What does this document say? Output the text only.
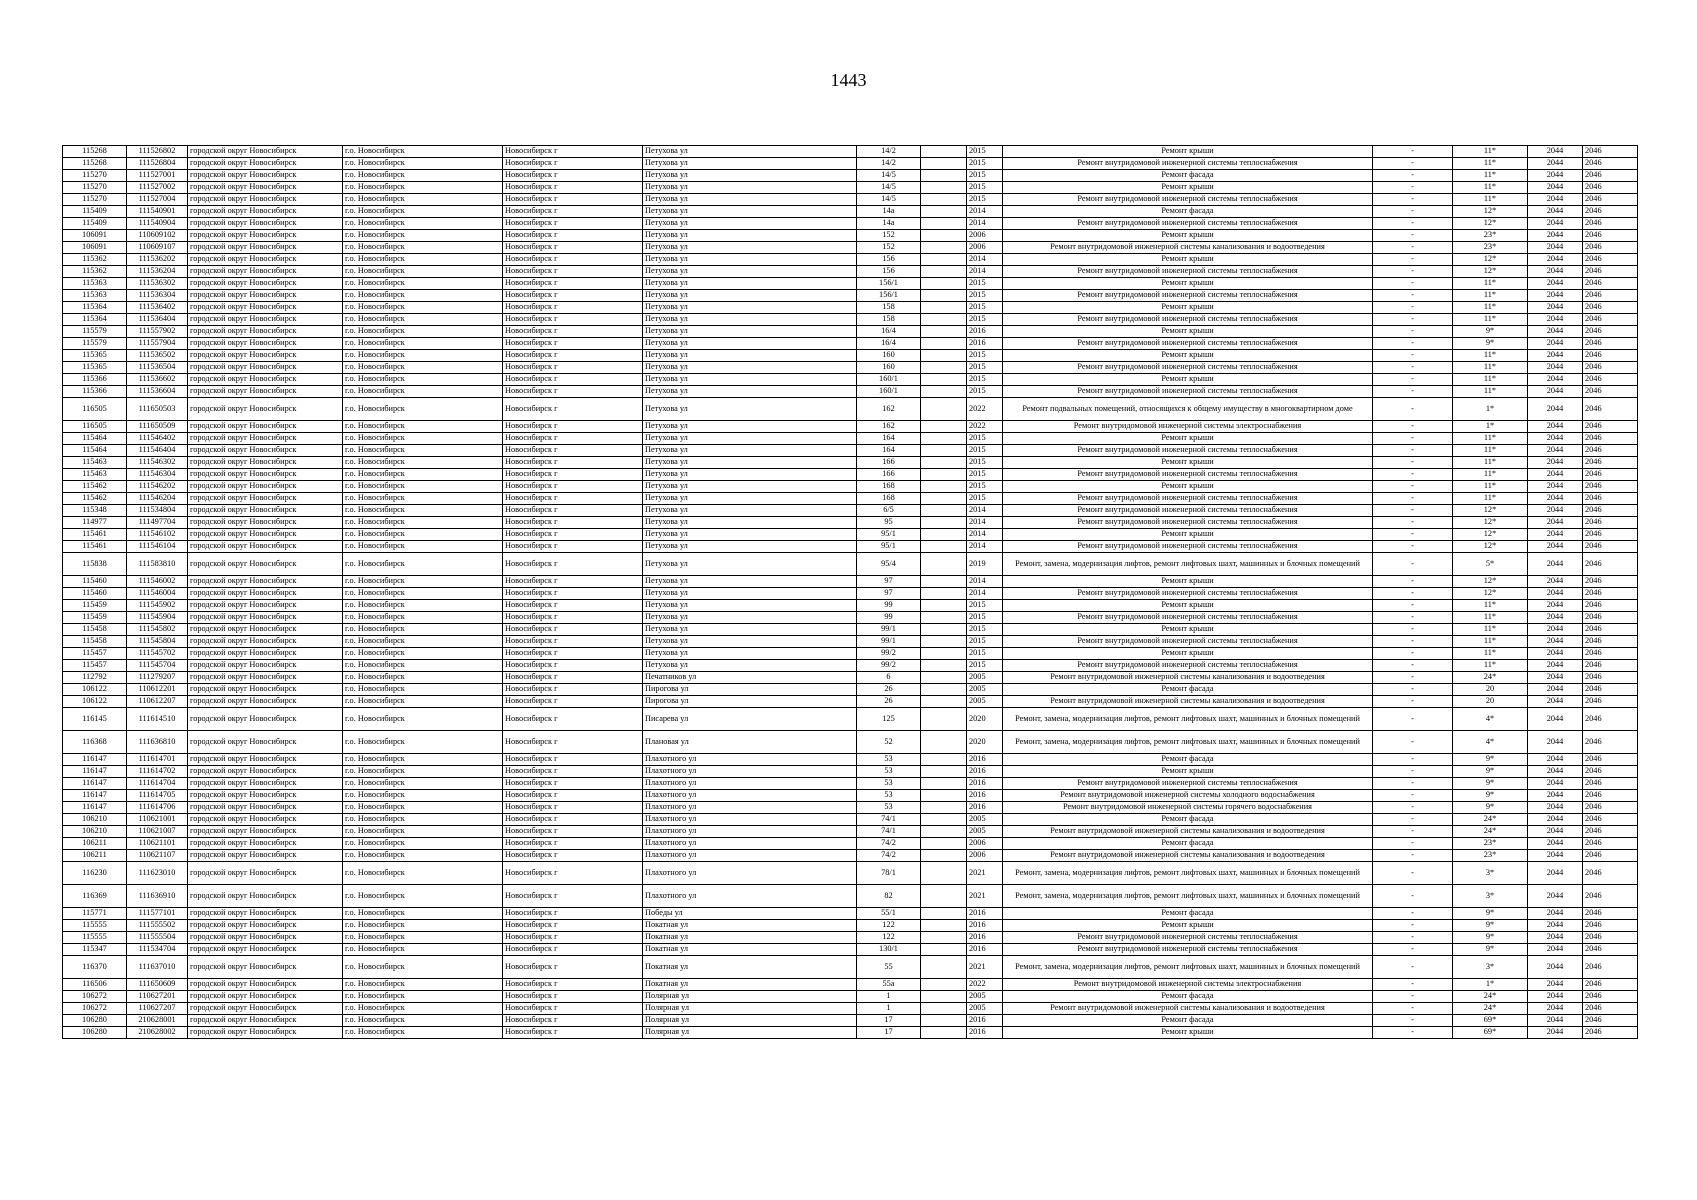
1443
115268	111526802	городской округ Новосибирск	г.о. Новосибирск	Новосибирск г	Петухова ул	14/2		2015	Ремонт крыши	-	11*	2044	2046
115268	111526804	городской округ Новосибирск	г.о. Новосибирск	Новосибирск г	Петухова ул	14/2		2015	Ремонт внутридомовой инженерной системы теплоснабжения	-	11*	2044	2046
115270	111527001	городской округ Новосибирск	г.о. Новосибирск	Новосибирск г	Петухова ул	14/5		2015	Ремонт фасада	-	11*	2044	2046
115270	111527002	городской округ Новосибирск	г.о. Новосибирск	Новосибирск г	Петухова ул	14/5		2015	Ремонт крыши	-	11*	2044	2046
115270	111527004	городской округ Новосибирск	г.о. Новосибирск	Новосибирск г	Петухова ул	14/5		2015	Ремонт внутридомовой инженерной системы теплоснабжения	-	11*	2044	2046
115409	111540901	городской округ Новосибирск	г.о. Новосибирск	Новосибирск г	Петухова ул	14а		2014	Ремонт фасада	-	12*	2044	2046
115409	111540904	городской округ Новосибирск	г.о. Новосибирск	Новосибирск г	Петухова ул	14а		2014	Ремонт внутридомовой инженерной системы теплоснабжения	-	12*	2044	2046
106091	110609102	городской округ Новосибирск	г.о. Новосибирск	Новосибирск г	Петухова ул	152		2006	Ремонт крыши	-	23*	2044	2046
106091	110609107	городской округ Новосибирск	г.о. Новосибирск	Новосибирск г	Петухова ул	152		2006	Ремонт внутридомовой инженерной системы канализования и водоотведения	-	23*	2044	2046
115362	111536202	городской округ Новосибирск	г.о. Новосибирск	Новосибирск г	Петухова ул	156		2014	Ремонт крыши	-	12*	2044	2046
115362	111536204	городской округ Новосибирск	г.о. Новосибирск	Новосибирск г	Петухова ул	156		2014	Ремонт внутридомовой инженерной системы теплоснабжения	-	12*	2044	2046
115363	111536302	городской округ Новосибирск	г.о. Новосибирск	Новосибирск г	Петухова ул	156/1		2015	Ремонт крыши	-	11*	2044	2046
115363	111536304	городской округ Новосибирск	г.о. Новосибирск	Новосибирск г	Петухова ул	156/1		2015	Ремонт внутридомовой инженерной системы теплоснабжения	-	11*	2044	2046
115364	111536402	городской округ Новосибирск	г.о. Новосибирск	Новосибирск г	Петухова ул	158		2015	Ремонт крыши	-	11*	2044	2046
115364	111536404	городской округ Новосибирск	г.о. Новосибирск	Новосибирск г	Петухова ул	158		2015	Ремонт внутридомовой инженерной системы теплоснабжения	-	11*	2044	2046
115579	111557902	городской округ Новосибирск	г.о. Новосибирск	Новосибирск г	Петухова ул	16/4		2016	Ремонт крыши	-	9*	2044	2046
115579	111557904	городской округ Новосибирск	г.о. Новосибирск	Новосибирск г	Петухова ул	16/4		2016	Ремонт внутридомовой инженерной системы теплоснабжения	-	9*	2044	2046
115365	111536502	городской округ Новосибирск	г.о. Новосибирск	Новосибирск г	Петухова ул	160		2015	Ремонт крыши	-	11*	2044	2046
115365	111536504	городской округ Новосибирск	г.о. Новосибирск	Новосибирск г	Петухова ул	160		2015	Ремонт внутридомовой инженерной системы теплоснабжения	-	11*	2044	2046
115366	111536602	городской округ Новосибирск	г.о. Новосибирск	Новосибирск г	Петухова ул	160/1		2015	Ремонт крыши	-	11*	2044	2046
115366	111536604	городской округ Новосибирск	г.о. Новосибирск	Новосибирск г	Петухова ул	160/1		2015	Ремонт внутридомовой инженерной системы теплоснабжения	-	11*	2044	2046
116505	111650503	городской округ Новосибирск	г.о. Новосибирск	Новосибирск г	Петухова ул	162		2022	Ремонт подвальных помещений, относящихся к общему имуществу в многоквартирном доме	-	1*	2044	2046
116505	111650509	городской округ Новосибирск	г.о. Новосибирск	Новосибирск г	Петухова ул	162		2022	Ремонт внутридомовой инженерной системы электроснабжения	-	1*	2044	2046
115464	111546402	городской округ Новосибирск	г.о. Новосибирск	Новосибирск г	Петухова ул	164		2015	Ремонт крыши	-	11*	2044	2046
115464	111546404	городской округ Новосибирск	г.о. Новосибирск	Новосибирск г	Петухова ул	164		2015	Ремонт внутридомовой инженерной системы теплоснабжения	-	11*	2044	2046
115463	111546302	городской округ Новосибирск	г.о. Новосибирск	Новосибирск г	Петухова ул	166		2015	Ремонт крыши	-	11*	2044	2046
115463	111546304	городской округ Новосибирск	г.о. Новосибирск	Новосибирск г	Петухова ул	166		2015	Ремонт внутридомовой инженерной системы теплоснабжения	-	11*	2044	2046
115462	111546202	городской округ Новосибирск	г.о. Новосибирск	Новосибирск г	Петухова ул	168		2015	Ремонт крыши	-	11*	2044	2046
115462	111546204	городской округ Новосибирск	г.о. Новосибирск	Новосибирск г	Петухова ул	168		2015	Ремонт внутридомовой инженерной системы теплоснабжения	-	11*	2044	2046
115348	111534804	городской округ Новосибирск	г.о. Новосибирск	Новосибирск г	Петухова ул	6/5		2014	Ремонт внутридомовой инженерной системы теплоснабжения	-	12*	2044	2046
114977	111497704	городской округ Новосибирск	г.о. Новосибирск	Новосибирск г	Петухова ул	95		2014	Ремонт внутридомовой инженерной системы теплоснабжения	-	12*	2044	2046
115461	111546102	городской округ Новосибирск	г.о. Новосибирск	Новосибирск г	Петухова ул	95/1		2014	Ремонт крыши	-	12*	2044	2046
115461	111546104	городской округ Новосибирск	г.о. Новосибирск	Новосибирск г	Петухова ул	95/1		2014	Ремонт внутридомовой инженерной системы теплоснабжения	-	12*	2044	2046
115838	111583810	городской округ Новосибирск	г.о. Новосибирск	Новосибирск г	Петухова ул	95/4		2019	Ремонт, замена, модернизация лифтов, ремонт лифтовых шахт, машинных и блочных помещений	-	5*	2044	2046
115460	111546002	городской округ Новосибирск	г.о. Новосибирск	Новосибирск г	Петухова ул	97		2014	Ремонт крыши	-	12*	2044	2046
115460	111546004	городской округ Новосибирск	г.о. Новосибирск	Новосибирск г	Петухова ул	97		2014	Ремонт внутридомовой инженерной системы теплоснабжения	-	12*	2044	2046
115459	111545902	городской округ Новосибирск	г.о. Новосибирск	Новосибирск г	Петухова ул	99		2015	Ремонт крыши	-	11*	2044	2046
115459	111545904	городской округ Новосибирск	г.о. Новосибирск	Новосибирск г	Петухова ул	99		2015	Ремонт внутридомовой инженерной системы теплоснабжения	-	11*	2044	2046
115458	111545802	городской округ Новосибирск	г.о. Новосибирск	Новосибирск г	Петухова ул	99/1		2015	Ремонт крыши	-	11*	2044	2046
115458	111545804	городской округ Новосибирск	г.о. Новосибирск	Новосибирск г	Петухова ул	99/1		2015	Ремонт внутридомовой инженерной системы теплоснабжения	-	11*	2044	2046
115457	111545702	городской округ Новосибирск	г.о. Новосибирск	Новосибирск г	Петухова ул	99/2		2015	Ремонт крыши	-	11*	2044	2046
115457	111545704	городской округ Новосибирск	г.о. Новосибирск	Новосибирск г	Петухова ул	99/2		2015	Ремонт внутридомовой инженерной системы теплоснабжения	-	11*	2044	2046
112792	111279207	городской округ Новосибирск	г.о. Новосибирск	Новосибирск г	Печатников ул	6		2005	Ремонт внутридомовой инженерной системы канализования и водоотведения	-	24*	2044	2046
106122	110612201	городской округ Новосибирск	г.о. Новосибирск	Новосибирск г	Пирогова ул	26		2005	Ремонт фасада	-	20	2044	2046
106122	110612207	городской округ Новосибирск	г.о. Новосибирск	Новосибирск г	Пирогова ул	26		2005	Ремонт внутридомовой инженерной системы канализования и водоотведения	-	20	2044	2046
116145	111614510	городской округ Новосибирск	г.о. Новосибирск	Новосибирск г	Писарева ул	125		2020	Ремонт, замена, модернизация лифтов, ремонт лифтовых шахт, машинных и блочных помещений	-	4*	2044	2046
116368	111636810	городской округ Новосибирск	г.о. Новосибирск	Новосибирск г	Плановая ул	52		2020	Ремонт, замена, модернизация лифтов, ремонт лифтовых шахт, машинных и блочных помещений	-	4*	2044	2046
116147	111614701	городской округ Новосибирск	г.о. Новосибирск	Новосибирск г	Плахотного ул	53		2016	Ремонт фасада	-	9*	2044	2046
116147	111614702	городской округ Новосибирск	г.о. Новосибирск	Новосибирск г	Плахотного ул	53		2016	Ремонт крыши	-	9*	2044	2046
116147	111614704	городской округ Новосибирск	г.о. Новосибирск	Новосибирск г	Плахотного ул	53		2016	Ремонт внутридомовой инженерной системы теплоснабжения	-	9*	2044	2046
116147	111614705	городской округ Новосибирск	г.о. Новосибирск	Новосибирск г	Плахотного ул	53		2016	Ремонт внутридомовой инженерной системы холодного водоснабжения	-	9*	2044	2046
116147	111614706	городской округ Новосибирск	г.о. Новосибирск	Новосибирск г	Плахотного ул	53		2016	Ремонт внутридомовой инженерной системы горячего водоснабжения	-	9*	2044	2046
106210	110621001	городской округ Новосибирск	г.о. Новосибирск	Новосибирск г	Плахотного ул	74/1		2005	Ремонт фасада	-	24*	2044	2046
106210	110621007	городской округ Новосибирск	г.о. Новосибирск	Новосибирск г	Плахотного ул	74/1		2005	Ремонт внутридомовой инженерной системы канализования и водоотведения	-	24*	2044	2046
106211	110621101	городской округ Новосибирск	г.о. Новосибирск	Новосибирск г	Плахотного ул	74/2		2006	Ремонт фасада	-	23*	2044	2046
106211	110621107	городской округ Новосибирск	г.о. Новосибирск	Новосибирск г	Плахотного ул	74/2		2006	Ремонт внутридомовой инженерной системы канализования и водоотведения	-	23*	2044	2046
116230	111623010	городской округ Новосибирск	г.о. Новосибирск	Новосибирск г	Плахотного ул	78/1		2021	Ремонт, замена, модернизация лифтов, ремонт лифтовых шахт, машинных и блочных помещений	-	3*	2044	2046
116369	111636910	городской округ Новосибирск	г.о. Новосибирск	Новосибирск г	Плахотного ул	82		2021	Ремонт, замена, модернизация лифтов, ремонт лифтовых шахт, машинных и блочных помещений	-	3*	2044	2046
115771	111577101	городской округ Новосибирск	г.о. Новосибирск	Новосибирск г	Победы ул	55/1		2016	Ремонт фасада	-	9*	2044	2046
115555	111555502	городской округ Новосибирск	г.о. Новосибирск	Новосибирск г	Покатная ул	122		2016	Ремонт крыши	-	9*	2044	2046
115555	111555504	городской округ Новосибирск	г.о. Новосибирск	Новосибирск г	Покатная ул	122		2016	Ремонт внутридомовой инженерной системы теплоснабжения	-	9*	2044	2046
115347	111534704	городской округ Новосибирск	г.о. Новосибирск	Новосибирск г	Покатная ул	130/1		2016	Ремонт внутридомовой инженерной системы теплоснабжения	-	9*	2044	2046
116370	111637010	городской округ Новосибирск	г.о. Новосибирск	Новосибирск г	Покатная ул	55		2021	Ремонт, замена, модернизация лифтов, ремонт лифтовых шахт, машинных и блочных помещений	-	3*	2044	2046
116506	111650609	городской округ Новосибирск	г.о. Новосибирск	Новосибирск г	Покатная ул	55а		2022	Ремонт внутридомовой инженерной системы электроснабжения	-	1*	2044	2046
106272	110627201	городской округ Новосибирск	г.о. Новосибирск	Новосибирск г	Полярная ул	1		2005	Ремонт фасада	-	24*	2044	2046
106272	110627207	городской округ Новосибирск	г.о. Новосибирск	Новосибирск г	Полярная ул	1		2005	Ремонт внутридомовой инженерной системы канализования и водоотведения	-	24*	2044	2046
106280	210628001	городской округ Новосибирск	г.о. Новосибирск	Новосибирск г	Полярная ул	17		2016	Ремонт фасада	-	69*	2044	2046
106280	210628002	городской округ Новосибирск	г.о. Новосибирск	Новосибирск г	Полярная ул	17		2016	Ремонт крыши	-	69*	2044	2046
